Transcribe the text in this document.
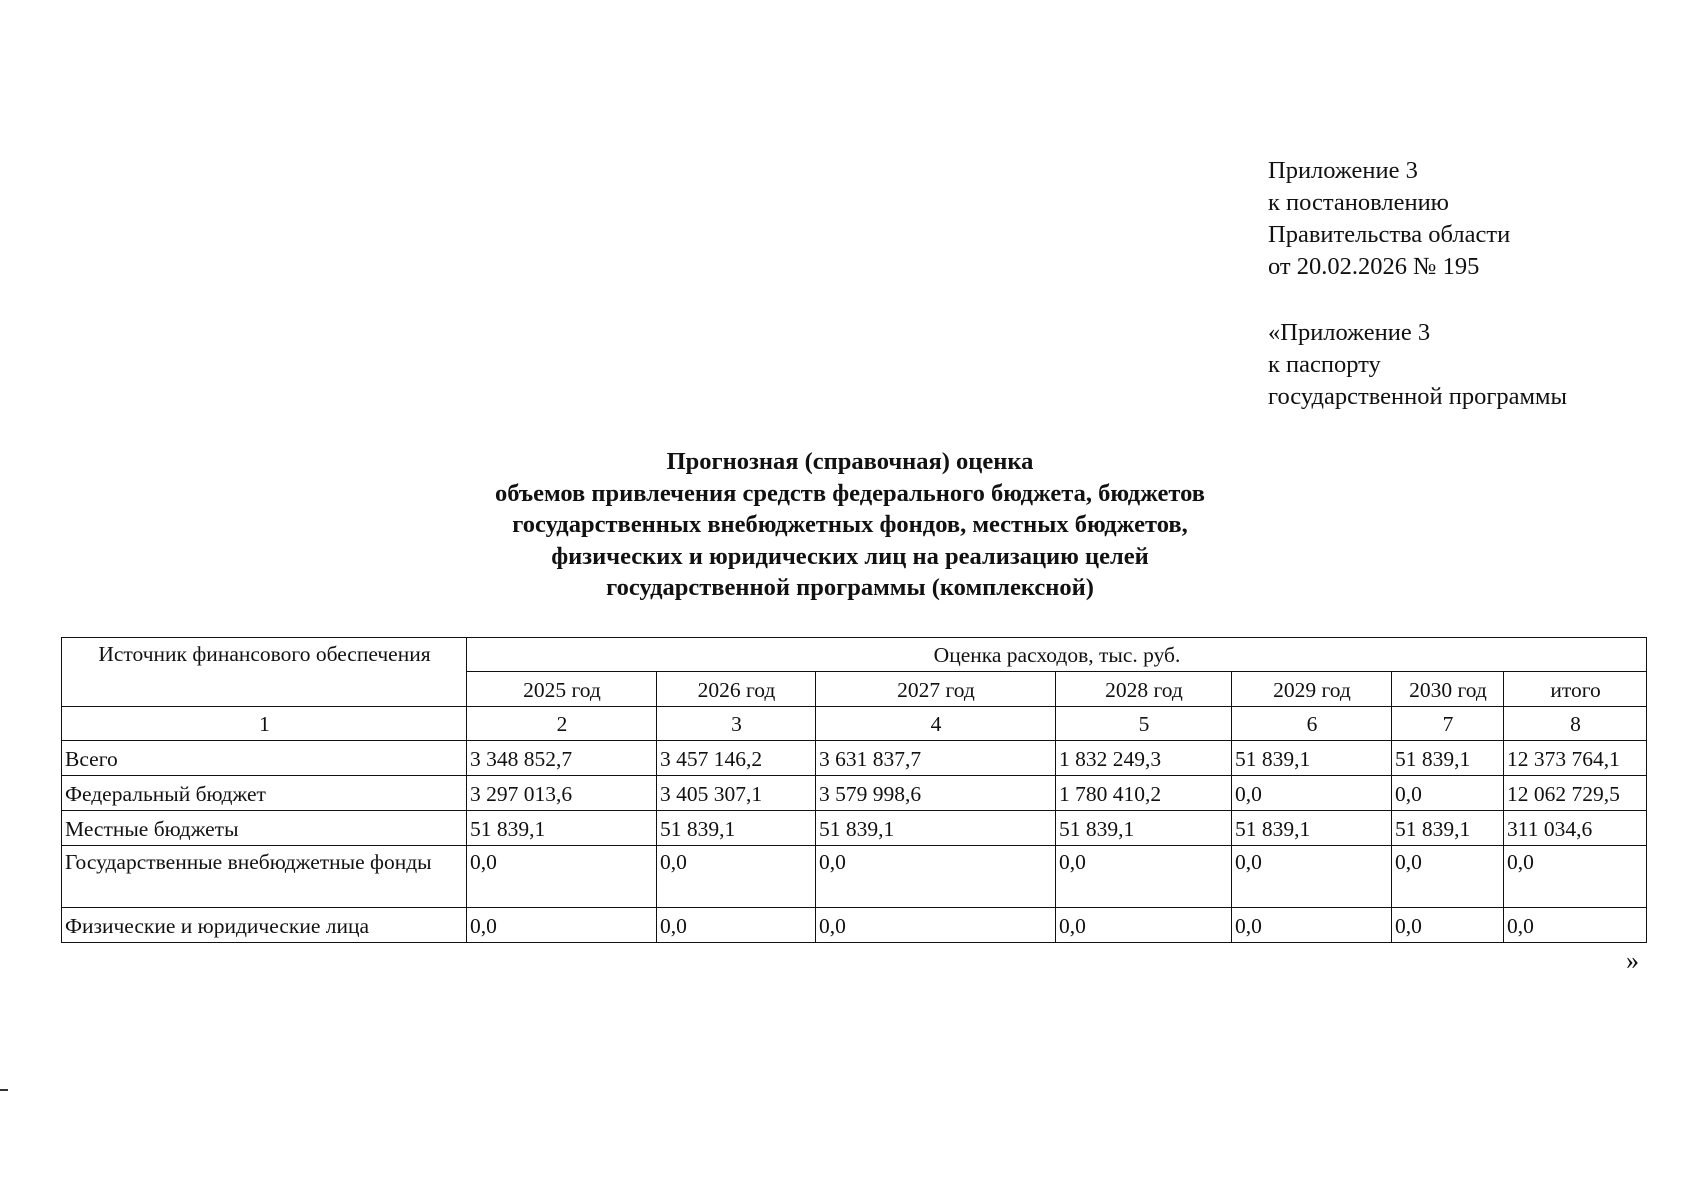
Приложение 3
к постановлению
Правительства области
от 20.02.2026 № 195
«Приложение 3
к паспорту
государственной программы
Прогнозная (справочная) оценка
объемов привлечения средств федерального бюджета, бюджетов
государственных внебюджетных фондов, местных бюджетов,
физических и юридических лиц на реализацию целей
государственной программы (комплексной)
Источник финансового обеспечения	Оценка расходов, тыс. руб.						
	2025 год	2026 год	2027 год	2028 год	2029 год	2030 год	итого
1	2	3	4	5	6	7	8
Всего	3 348 852,7	3 457 146,2	3 631 837,7	1 832 249,3	51 839,1	51 839,1	12 373 764,1
Федеральный бюджет	3 297 013,6	3 405 307,1	3 579 998,6	1 780 410,2	0,0	0,0	12 062 729,5
Местные бюджеты	51 839,1	51 839,1	51 839,1	51 839,1	51 839,1	51 839,1	311 034,6
Государственные внебюджетные фонды	0,0	0,0	0,0	0,0	0,0	0,0	0,0
Физические и юридические лица	0,0	0,0	0,0	0,0	0,0	0,0	0,0
»
